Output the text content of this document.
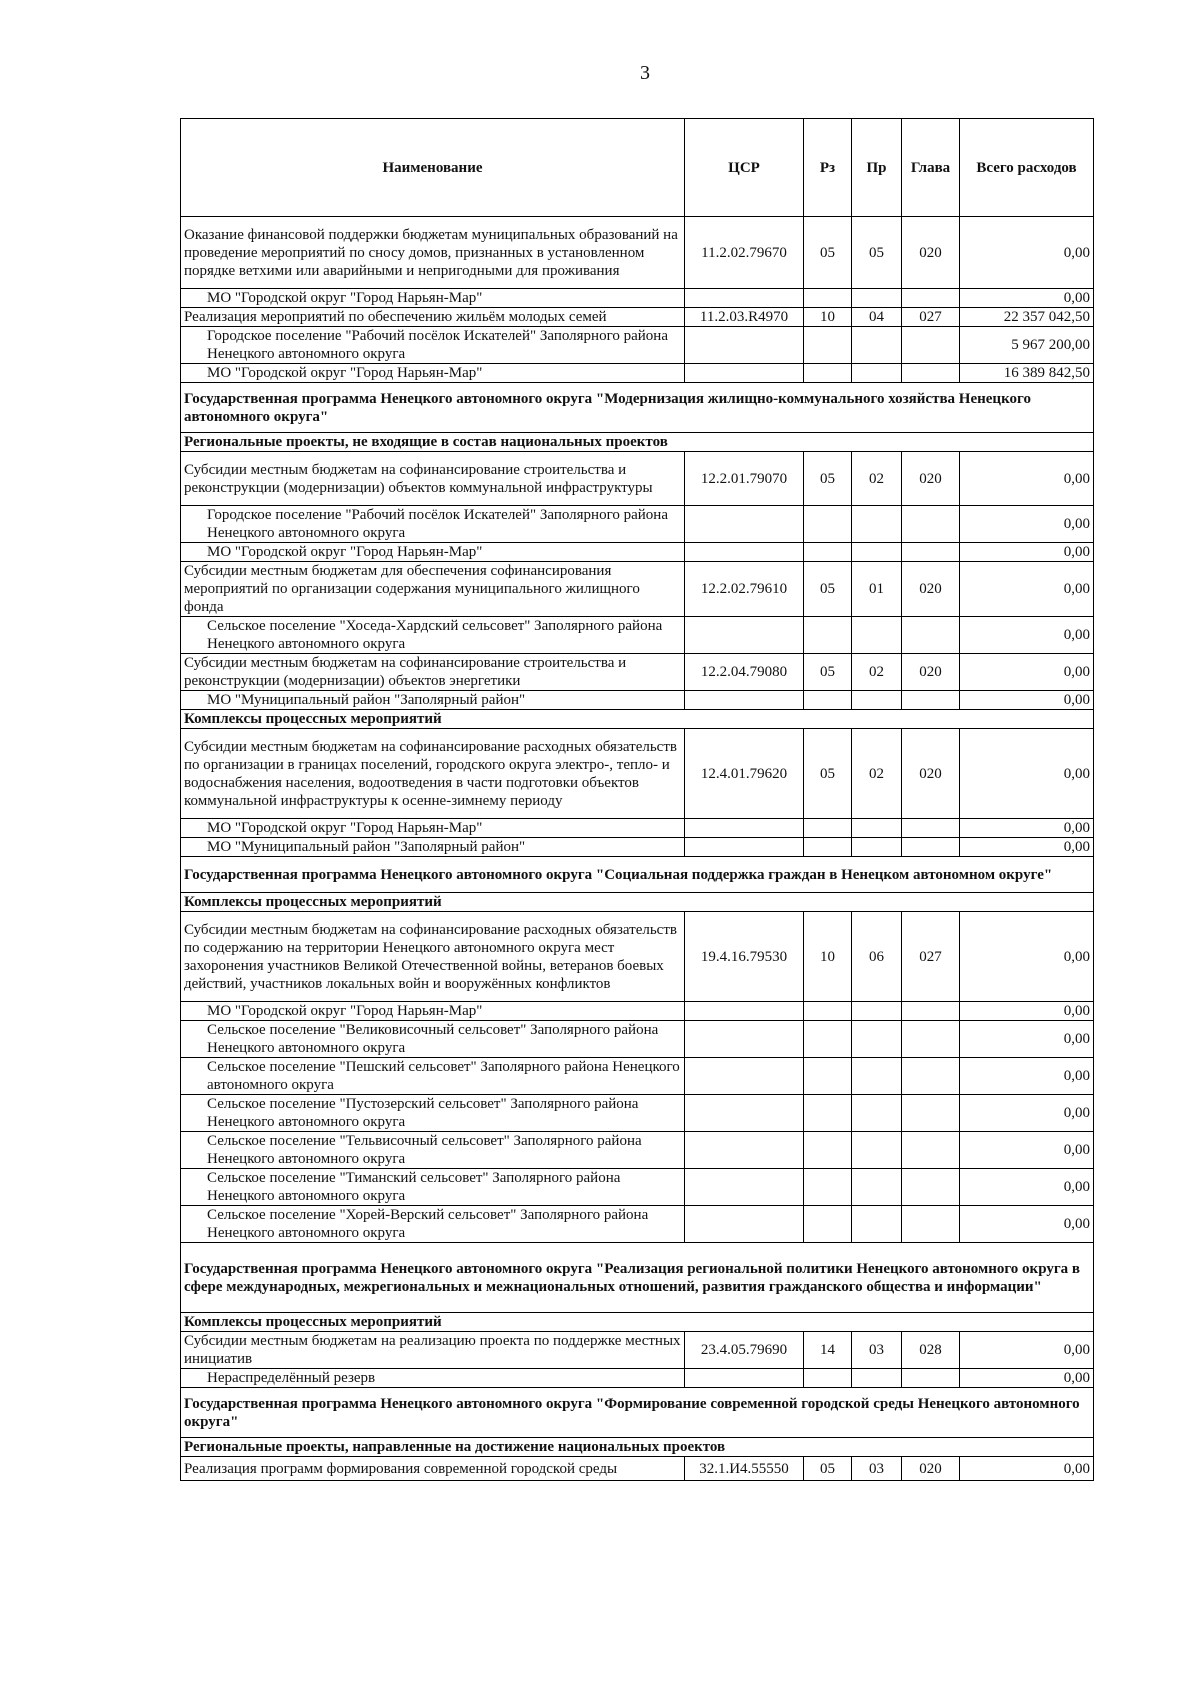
3
Наименование	ЦСР	Рз	Пр	Глава	Всего расходов
Оказание финансовой поддержки бюджетам муниципальных образований на проведение мероприятий по сносу домов, признанных в установленном порядке ветхими или аварийными и непригодными для проживания	11.2.02.79670	05	05	020	0,00
МО "Городской округ "Город Нарьян-Мар"					0,00
Реализация мероприятий по обеспечению жильём молодых семей	11.2.03.R4970	10	04	027	22 357 042,50
Городское поселение "Рабочий посёлок Искателей" Заполярного района Ненецкого автономного округа					5 967 200,00
МО "Городской округ "Город Нарьян-Мар"					16 389 842,50
Государственная программа Ненецкого автономного округа "Модернизация жилищно-коммунального хозяйства Ненецкого автономного округа"					
Региональные проекты, не входящие в состав национальных проектов					
Субсидии местным бюджетам на софинансирование строительства и реконструкции (модернизации) объектов коммунальной инфраструктуры	12.2.01.79070	05	02	020	0,00
Городское поселение "Рабочий посёлок Искателей" Заполярного района Ненецкого автономного округа					0,00
МО "Городской округ "Город Нарьян-Мар"					0,00
Субсидии местным бюджетам для обеспечения софинансирования мероприятий по организации содержания муниципального жилищного фонда	12.2.02.79610	05	01	020	0,00
Сельское поселение "Хоседа-Хардский сельсовет" Заполярного района Ненецкого автономного округа					0,00
Субсидии местным бюджетам на софинансирование строительства и реконструкции (модернизации) объектов энергетики	12.2.04.79080	05	02	020	0,00
МО "Муниципальный район "Заполярный район"					0,00
Комплексы процессных мероприятий					
Субсидии местным бюджетам на софинансирование расходных обязательств по организации в границах поселений, городского округа электро-, тепло- и водоснабжения населения, водоотведения в части подготовки объектов коммунальной инфраструктуры к осенне-зимнему периоду	12.4.01.79620	05	02	020	0,00
МО "Городской округ "Город Нарьян-Мар"					0,00
МО "Муниципальный район "Заполярный район"					0,00
Государственная программа Ненецкого автономного округа "Социальная поддержка граждан в Ненецком автономном округе"					
Комплексы процессных мероприятий					
Субсидии местным бюджетам на софинансирование расходных обязательств по содержанию на территории Ненецкого автономного округа мест захоронения участников Великой Отечественной войны, ветеранов боевых действий, участников локальных войн и вооружённых конфликтов	19.4.16.79530	10	06	027	0,00
МО "Городской округ "Город Нарьян-Мар"					0,00
Сельское поселение "Великовисочный сельсовет" Заполярного района Ненецкого автономного округа					0,00
Сельское поселение "Пешский сельсовет" Заполярного района Ненецкого автономного округа					0,00
Сельское поселение "Пустозерский сельсовет" Заполярного района Ненецкого автономного округа					0,00
Сельское поселение "Тельвисочный сельсовет" Заполярного района Ненецкого автономного округа					0,00
Сельское поселение "Тиманский сельсовет" Заполярного района Ненецкого автономного округа					0,00
Сельское поселение "Хорей-Верский сельсовет" Заполярного района Ненецкого автономного округа					0,00
Государственная программа Ненецкого автономного округа "Реализация региональной политики Ненецкого автономного округа в сфере международных, межрегиональных и межнациональных отношений, развития гражданского общества и информации"					
Комплексы процессных мероприятий					
Субсидии местным бюджетам на реализацию проекта по поддержке местных инициатив	23.4.05.79690	14	03	028	0,00
Нераспределённый резерв					0,00
Государственная программа Ненецкого автономного округа "Формирование современной городской среды Ненецкого автономного округа"					
Региональные проекты, направленные на достижение национальных проектов					
Реализация программ формирования современной городской среды	32.1.И4.55550	05	03	020	0,00
